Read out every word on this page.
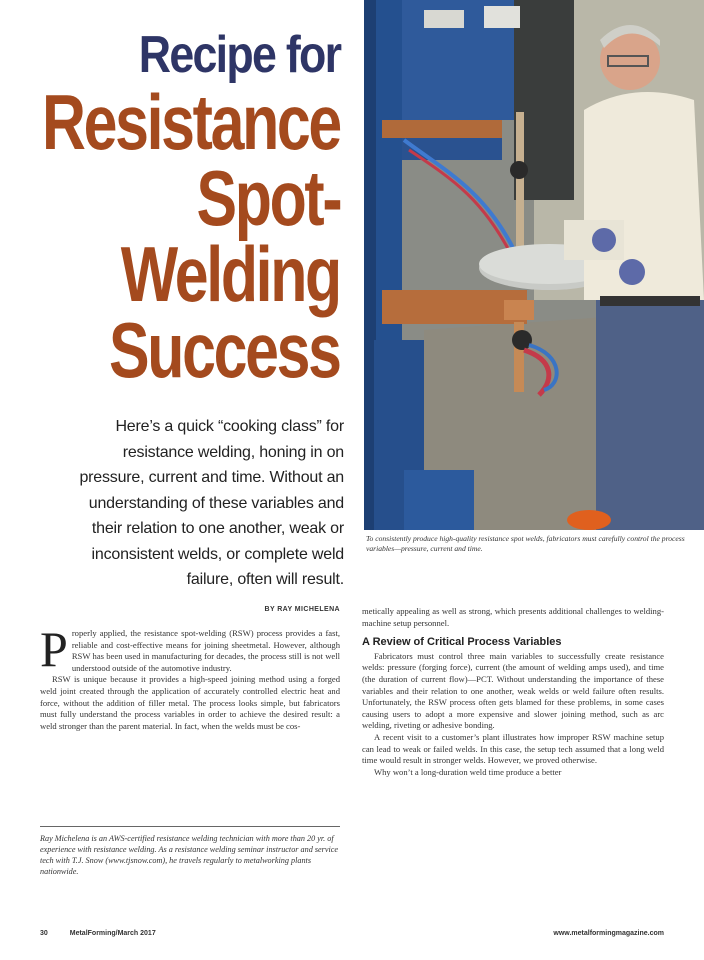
Recipe for
Resistance
Spot-
Welding
Success
Here’s a quick “cooking class” for resistance welding, honing in on pressure, current and time. Without an understanding of these variables and their relation to one another, weak or inconsistent welds, or complete weld failure, often will result.
To consistently produce high-quality resistance spot welds, fabricators must carefully control the process variables—pressure, current and time.
BY RAY MICHELENA

Properly applied, the resistance spot-welding (RSW) process provides a fast, reliable and cost-effective means for joining sheetmetal. However, although RSW has been used in manufacturing for decades, the process still is not well understood outside of the automotive industry.

RSW is unique because it provides a high-speed joining method using a forged weld joint created through the application of accurately controlled electric heat and force, without the addition of filler metal. The process looks simple, but fabricators must fully understand the process variables in order to achieve the desired result: a weld stronger than the parent material. In fact, when the welds must be cos-

Ray Michelena is an AWS-certified resistance welding technician with more than 20 yr. of experience with resistance welding. As a resistance welding seminar instructor and service tech with T.J. Snow (www.tjsnow.com), he travels regularly to metalworking plants nationwide.

metically appealing as well as strong, which presents additional challenges to welding-machine setup personnel.

A Review of Critical Process Variables

Fabricators must control three main variables to successfully create resistance welds: pressure (forging force), current (the amount of welding amps used), and time (the duration of current flow)—PCT. Without understanding the importance of these variables and their relation to one another, weak welds or weld failure often results. Unfortunately, the RSW process often gets blamed for these problems, in some cases causing users to adopt a more expensive and slower joining method, such as arc welding, riveting or adhesive bonding.

A recent visit to a customer’s plant illustrates how improper RSW machine setup can lead to weak or failed welds. In this case, the setup tech assumed that a long weld time would result in stronger welds. However, we proved otherwise.

Why won’t a long-duration weld time produce a better

30	MetalForming/March 2017	www.metalformingmagazine.com
